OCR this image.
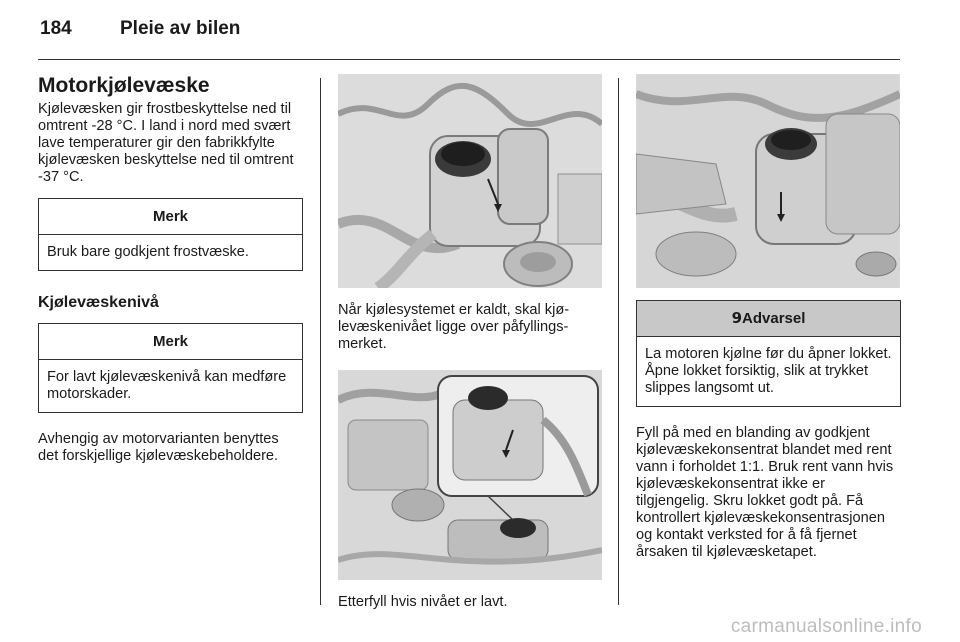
184	Pleie av bilen
Motorkjølevæske

Kjølevæsken gir frostbeskyttelse ned til omtrent -28 °C. I land i nord med svært lave temperaturer gir den fabrikkfylte kjølevæsken beskyttelse ned til omtrent -37 °C.

Merk
Bruk bare godkjent frostvæske.
Kjølevæskenivå
Merk
For lavt kjølevæskenivå kan medføre motorskader.

Avhengig av motorvarianten benyttes det forskjellige kjølevæskebeholdere.

Når kjølesystemet er kaldt, skal kjølevæskenivået ligge over påfyllingsmerket.

Etterfyll hvis nivået er lavt.

9Advarsel
La motoren kjølne før du åpner lokket. Åpne lokket forsiktig, slik at trykket slippes langsomt ut.

Fyll på med en blanding av godkjent kjølevæskekonsentrat blandet med rent vann i forholdet 1:1. Bruk rent vann hvis kjølevæskekonsentrat ikke er tilgjengelig. Skru lokket godt på. Få kontrollert kjølevæskekonsentrasjonen og kontakt verksted for å få fjernet årsaken til kjølevæsketapet.

carmanualsonline.info
